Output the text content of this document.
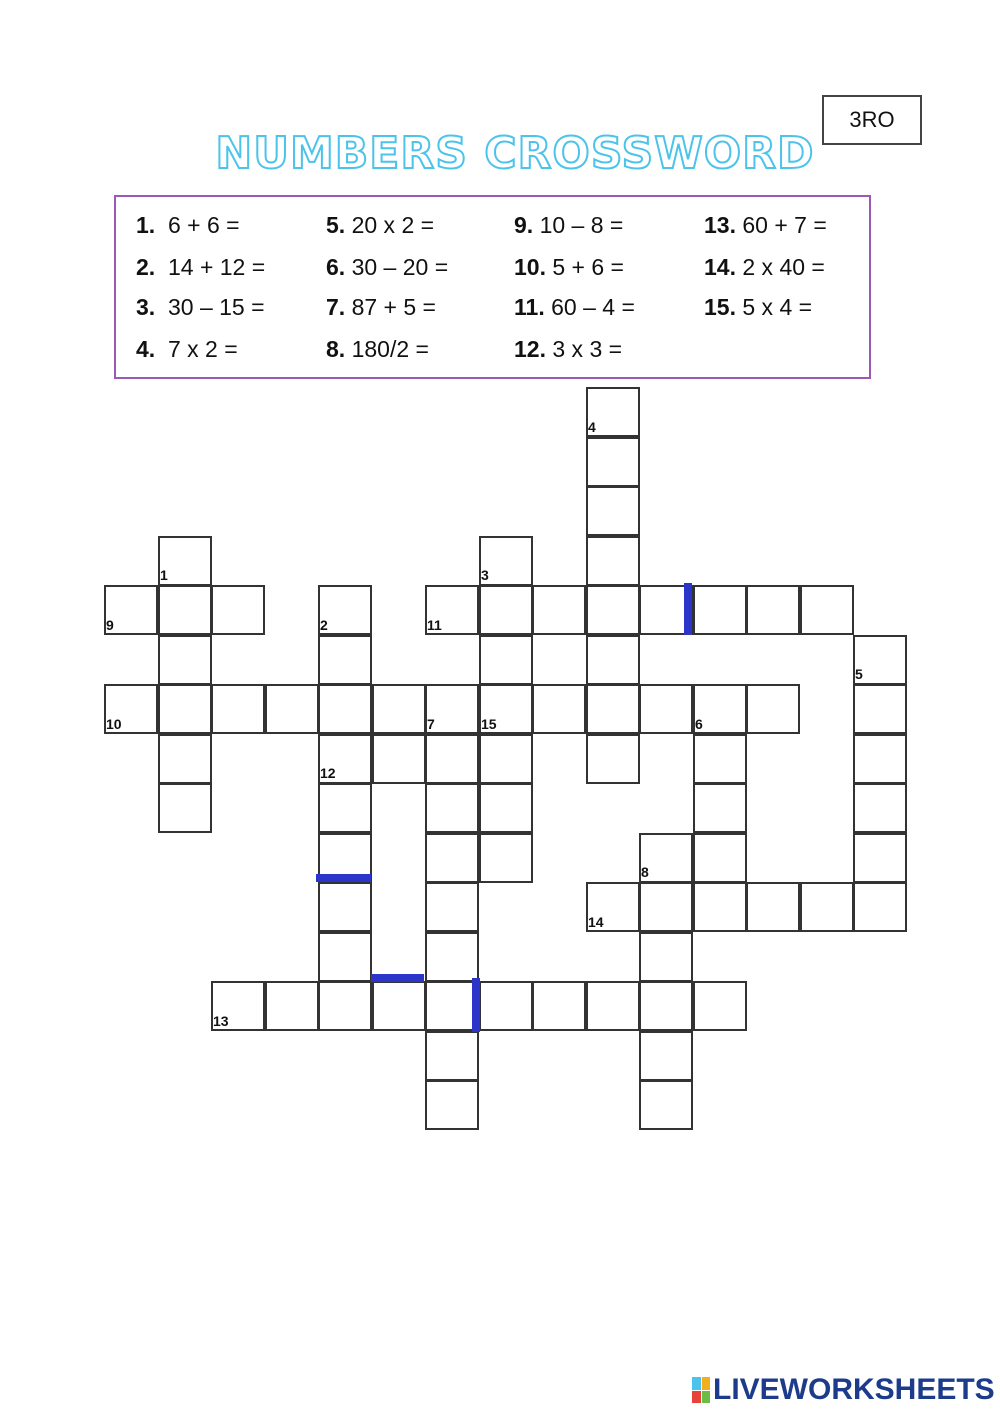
3RO
NUMBERS CROSSWORD
1. 6 + 6 =
2. 14 + 12 =
3. 30 – 15 =
4. 7 x 2 =
5. 20 x 2 =
6. 30 – 20 =
7. 87 + 5 =
8. 180/2 =
9. 10 – 8 =
10. 5 + 6 =
11. 60 – 4 =
12. 3 x 3 =
13. 60 + 7 =
14. 2 x 40 =
15. 5 x 4 =
1
2
3
4
5
6
7
8
9
10
11
12
13
14
15
LIVEWORKSHEETS
